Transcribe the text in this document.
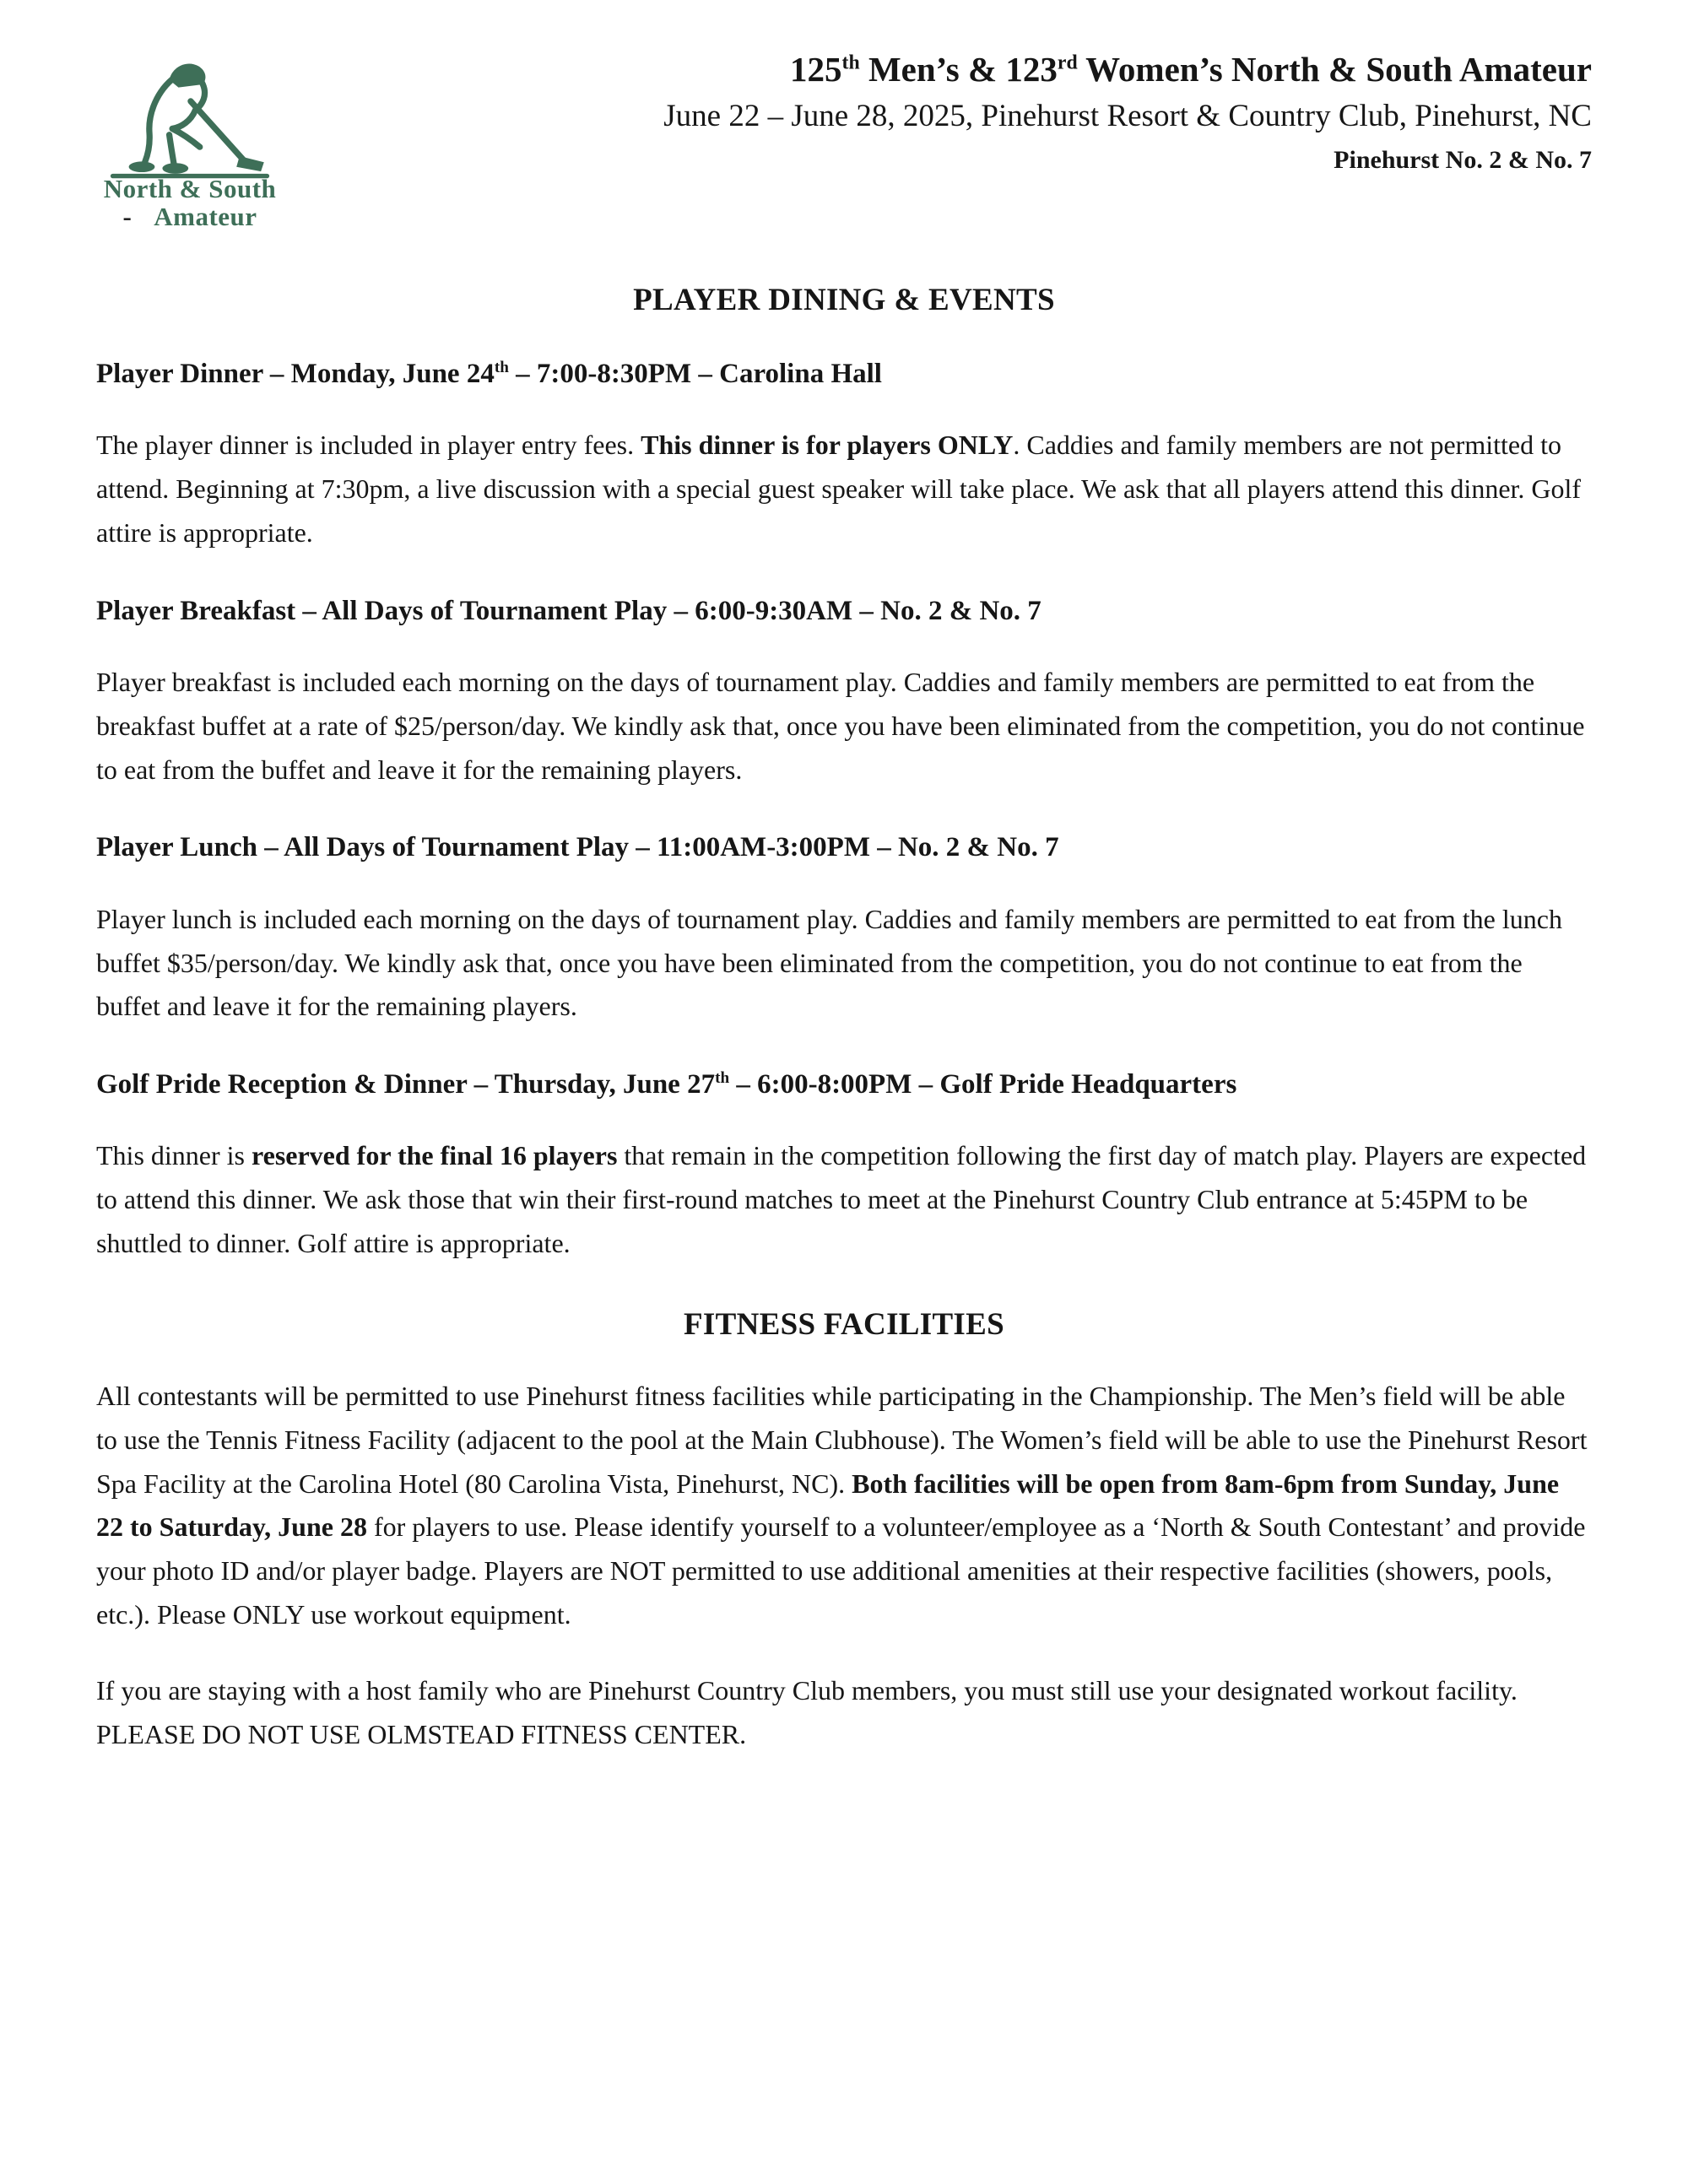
North & South
- Amateur
125th Men’s & 123rd Women’s North & South Amateur
June 22 – June 28, 2025, Pinehurst Resort & Country Club, Pinehurst, NC
Pinehurst No. 2 & No. 7
PLAYER DINING & EVENTS
Player Dinner – Monday, June 24th – 7:00-8:30PM – Carolina Hall

The player dinner is included in player entry fees. This dinner is for players ONLY. Caddies and family members are not permitted to attend. Beginning at 7:30pm, a live discussion with a special guest speaker will take place. We ask that all players attend this dinner. Golf attire is appropriate.

Player Breakfast – All Days of Tournament Play – 6:00-9:30AM – No. 2 & No. 7

Player breakfast is included each morning on the days of tournament play. Caddies and family members are permitted to eat from the breakfast buffet at a rate of $25/person/day. We kindly ask that, once you have been eliminated from the competition, you do not continue to eat from the buffet and leave it for the remaining players.

Player Lunch – All Days of Tournament Play – 11:00AM-3:00PM – No. 2 & No. 7

Player lunch is included each morning on the days of tournament play. Caddies and family members are permitted to eat from the lunch buffet $35/person/day. We kindly ask that, once you have been eliminated from the competition, you do not continue to eat from the buffet and leave it for the remaining players.

Golf Pride Reception & Dinner – Thursday, June 27th – 6:00-8:00PM – Golf Pride Headquarters

This dinner is reserved for the final 16 players that remain in the competition following the first day of match play. Players are expected to attend this dinner. We ask those that win their first-round matches to meet at the Pinehurst Country Club entrance at 5:45PM to be shuttled to dinner. Golf attire is appropriate.

FITNESS FACILITIES

All contestants will be permitted to use Pinehurst fitness facilities while participating in the Championship. The Men’s field will be able to use the Tennis Fitness Facility (adjacent to the pool at the Main Clubhouse). The Women’s field will be able to use the Pinehurst Resort Spa Facility at the Carolina Hotel (80 Carolina Vista, Pinehurst, NC). Both facilities will be open from 8am-6pm from Sunday, June 22 to Saturday, June 28 for players to use. Please identify yourself to a volunteer/employee as a ‘North & South Contestant’ and provide your photo ID and/or player badge. Players are NOT permitted to use additional amenities at their respective facilities (showers, pools, etc.). Please ONLY use workout equipment.

If you are staying with a host family who are Pinehurst Country Club members, you must still use your designated workout facility. PLEASE DO NOT USE OLMSTEAD FITNESS CENTER.
